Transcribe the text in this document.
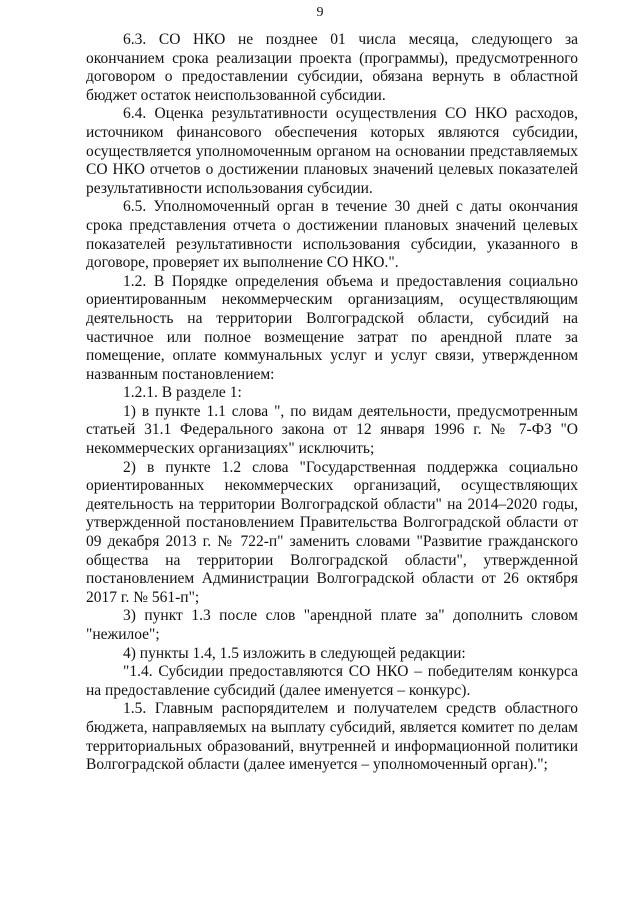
9

6.3. СО НКО не позднее 01 числа месяца, следующего за окончанием срока реализации проекта (программы), предусмотренного договором о предоставлении субсидии, обязана вернуть в областной бюджет остаток неиспользованной субсидии.

6.4. Оценка результативности осуществления СО НКО расходов, источником финансового обеспечения которых являются субсидии, осуществляется уполномоченным органом на основании представляемых СО НКО отчетов о достижении плановых значений целевых показателей результативности использования субсидии.

6.5. Уполномоченный орган в течение 30 дней с даты окончания срока представления отчета о достижении плановых значений целевых показателей результативности использования субсидии, указанного в договоре, проверяет их выполнение СО НКО.".

1.2. В Порядке определения объема и предоставления социально ориентированным некоммерческим организациям, осуществляющим деятельность на территории Волгоградской области, субсидий на частичное или полное возмещение затрат по арендной плате за помещение, оплате коммунальных услуг и услуг связи, утвержденном названным постановлением:

1.2.1. В разделе 1:

1) в пункте 1.1 слова ", по видам деятельности, предусмотренным статьей 31.1 Федерального закона от 12 января 1996 г. № 7-ФЗ "О некоммерческих организациях" исключить;

2) в пункте 1.2 слова "Государственная поддержка социально ориентированных некоммерческих организаций, осуществляющих деятельность на территории Волгоградской области" на 2014–2020 годы, утвержденной постановлением Правительства Волгоградской области от 09 декабря 2013 г. № 722-п" заменить словами "Развитие гражданского общества на территории Волгоградской области", утвержденной постановлением Администрации Волгоградской области от 26 октября 2017 г. № 561-п";

3) пункт 1.3 после слов "арендной плате за" дополнить словом "нежилое";

4) пункты 1.4, 1.5 изложить в следующей редакции:

"1.4. Субсидии предоставляются СО НКО – победителям конкурса на предоставление субсидий (далее именуется – конкурс).

1.5. Главным распорядителем и получателем средств областного бюджета, направляемых на выплату субсидий, является комитет по делам территориальных образований, внутренней и информационной политики Волгоградской области (далее именуется – уполномоченный орган).";
